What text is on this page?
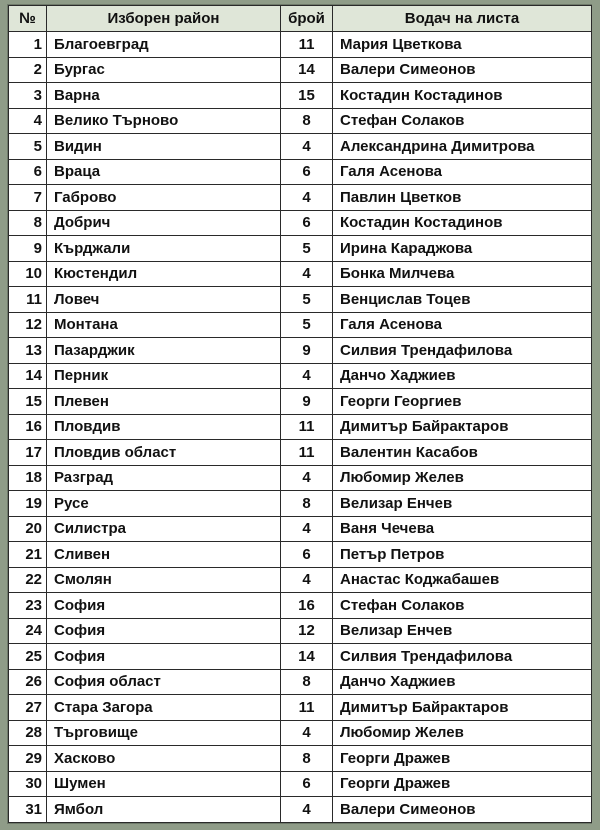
№	Изборен район	брой	Водач на листа
1	Благоевград	11	Мария Цветкова
2	Бургас	14	Валери Симеонов
3	Варна	15	Костадин Костадинов
4	Велико Търново	8	Стефан Солаков
5	Видин	4	Александрина Димитрова
6	Враца	6	Галя Асенова
7	Габрово	4	Павлин Цветков
8	Добрич	6	Костадин Костадинов
9	Кърджали	5	Ирина Караджова
10	Кюстендил	4	Бонка Милчева
11	Ловеч	5	Венцислав Тоцев
12	Монтана	5	Галя Асенова
13	Пазарджик	9	Силвия Трендафилова
14	Перник	4	Данчо Хаджиев
15	Плевен	9	Георги Георгиев
16	Пловдив	11	Димитър Байрактаров
17	Пловдив област	11	Валентин Касабов
18	Разград	4	Любомир Желев
19	Русе	8	Велизар Енчев
20	Силистра	4	Ваня Чечева
21	Сливен	6	Петър Петров
22	Смолян	4	Анастас Коджабашев
23	София	16	Стефан Солаков
24	София	12	Велизар Енчев
25	София	14	Силвия Трендафилова
26	София област	8	Данчо Хаджиев
27	Стара Загора	11	Димитър Байрактаров
28	Търговище	4	Любомир Желев
29	Хасково	8	Георги Дражев
30	Шумен	6	Георги Дражев
31	Ямбол	4	Валери Симеонов
